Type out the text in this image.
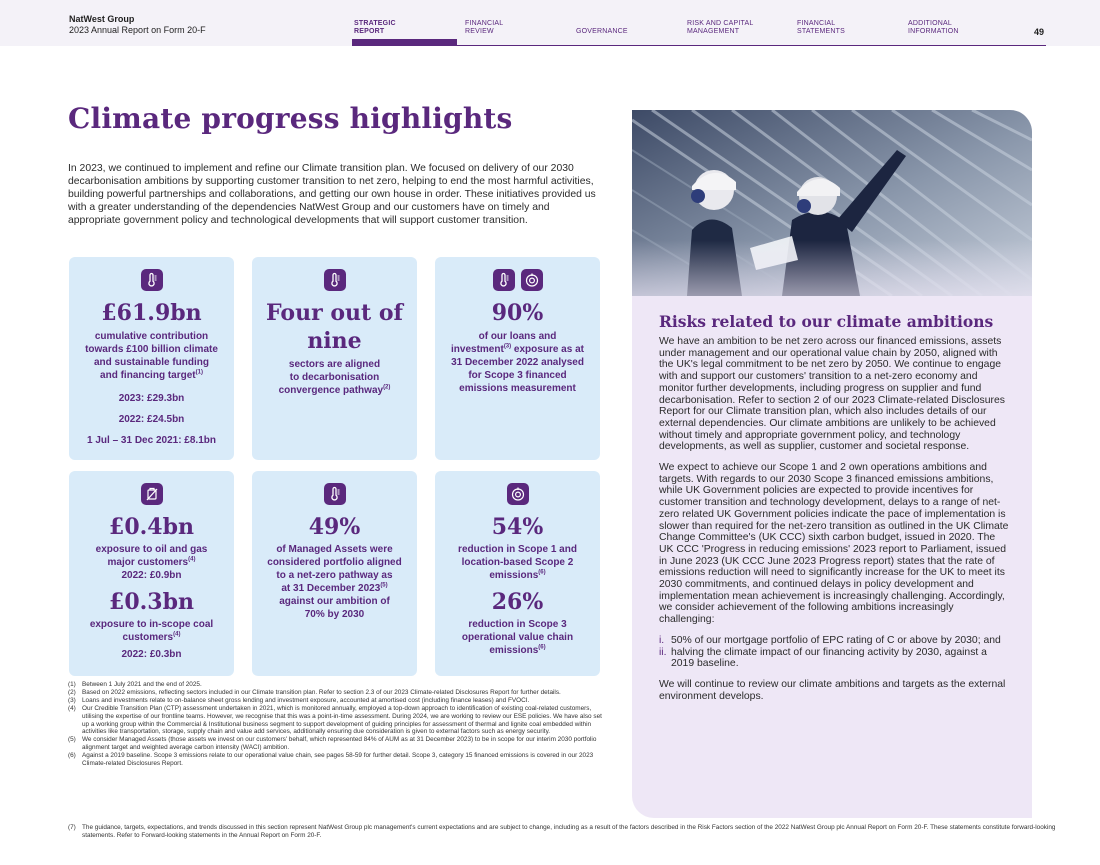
NatWest Group
2023 Annual Report on Form 20-F
STRATEGIC
REPORT
FINANCIAL
REVIEW	GOVERNANCE
RISK AND CAPITAL
MANAGEMENT
FINANCIAL
STATEMENTS
ADDITIONAL
INFORMATION	49
Climate progress highlights

In 2023, we continued to implement and refine our Climate transition plan. We focused on delivery of our 2030 decarbonisation ambitions by supporting customer transition to net zero, helping to end the most harmful activities, building powerful partnerships and collaborations, and getting our own house in order. These initiatives provided us with a greater understanding of the dependencies NatWest Group and our customers have on timely and appropriate government policy and technological developments that will support customer transition.

£61.9bn
cumulative contribution
towards £100 billion climate
and sustainable funding
and financing target$^{(1)}$
2023: £29.3bn
2022: £24.5bn
1 Jul – 31 Dec 2021: £8.1bn
Four out of
nine
sectors are aligned
to decarbonisation
convergence pathway$^{(2)}$
90%
of our loans and
investment$^{(3)}$ exposure as at
31 December 2022 analysed
for Scope 3 financed
emissions measurement
£0.4bn
exposure to oil and gas
major customers$^{(4)}$
2022: £0.9bn
£0.3bn
exposure to in-scope coal
customers$^{(4)}$
2022: £0.3bn
49%
of Managed Assets were
considered portfolio aligned
to a net-zero pathway as
at 31 December 2023$^{(5)}$
against our ambition of
70% by 2030
54%
reduction in Scope 1 and
location-based Scope 2
emissions$^{(6)}$
26%
reduction in Scope 3
operational value chain
emissions$^{(6)}$
(1) Between 1 July 2021 and the end of 2025.
(2) Based on 2022 emissions, reflecting sectors included in our Climate transition plan. Refer to section 2.3 of our 2023 Climate-related Disclosures Report for further details.
(3) Loans and investments relate to on-balance sheet gross lending and investment exposure, accounted at amortised cost (including finance leases) and FVOCI.
(4) Our Credible Transition Plan (CTP) assessment undertaken in 2021, which is monitored annually, employed a top-down approach to identification of existing coal-related customers, utilising the expertise of our frontline teams. However, we recognise that this was a point-in-time assessment. During 2024, we are working to review our ESE policies. We have also set up a working group within the Commercial & Institutional business segment to support development of guiding principles for assessment of thermal and lignite coal embedded within activities like transportation, storage, supply chain and value add services, additionally ensuring due consideration is given to external factors such as energy security.
(5) We consider Managed Assets (those assets we invest on our customers' behalf, which represented 84% of AUM as at 31 December 2023) to be in scope for our interim 2030 portfolio alignment target and weighted average carbon intensity (WACI) ambition.
(6) Against a 2019 baseline. Scope 3 emissions relate to our operational value chain, see pages 58-59 for further detail. Scope 3, category 15 financed emissions is covered in our 2023 Climate-related Disclosures Report.
(7) The guidance, targets, expectations, and trends discussed in this section represent NatWest Group plc management's current expectations and are subject to change, including as a result of the factors described in the Risk Factors section of the 2022 NatWest Group plc Annual Report on Form 20-F. These statements constitute forward-looking statements. Refer to Forward-looking statements in the Annual Report on Form 20-F.
Risks related to our climate ambitions

We have an ambition to be net zero across our financed emissions, assets under management and our operational value chain by 2050, aligned with the UK's legal commitment to be net zero by 2050. We continue to engage with and support our customers' transition to a net-zero economy and monitor further developments, including progress on supplier and fund decarbonisation. Refer to section 2 of our 2023 Climate-related Disclosures Report for our Climate transition plan, which also includes details of our external dependencies. Our climate ambitions are unlikely to be achieved without timely and appropriate government policy, and technology developments, as well as supplier, customer and societal response.

We expect to achieve our Scope 1 and 2 own operations ambitions and targets. With regards to our 2030 Scope 3 financed emissions ambitions, while UK Government policies are expected to provide incentives for customer transition and technology development, delays to a range of net-zero related UK Government policies indicate the pace of implementation is slower than required for the net-zero transition as outlined in the UK Climate Change Committee's (UK CCC) sixth carbon budget, issued in 2020. The UK CCC 'Progress in reducing emissions' 2023 report to Parliament, issued in June 2023 (UK CCC June 2023 Progress report) states that the rate of emissions reduction will need to significantly increase for the UK to meet its 2030 commitments, and continued delays in policy development and implementation mean achievement is increasingly challenging. Accordingly, we consider achievement of the following ambitions increasingly challenging:

i. 50% of our mortgage portfolio of EPC rating of C or above by 2030; and
ii. halving the climate impact of our financing activity by 2030, against a 2019 baseline.

We will continue to review our climate ambitions and targets as the external environment develops.
